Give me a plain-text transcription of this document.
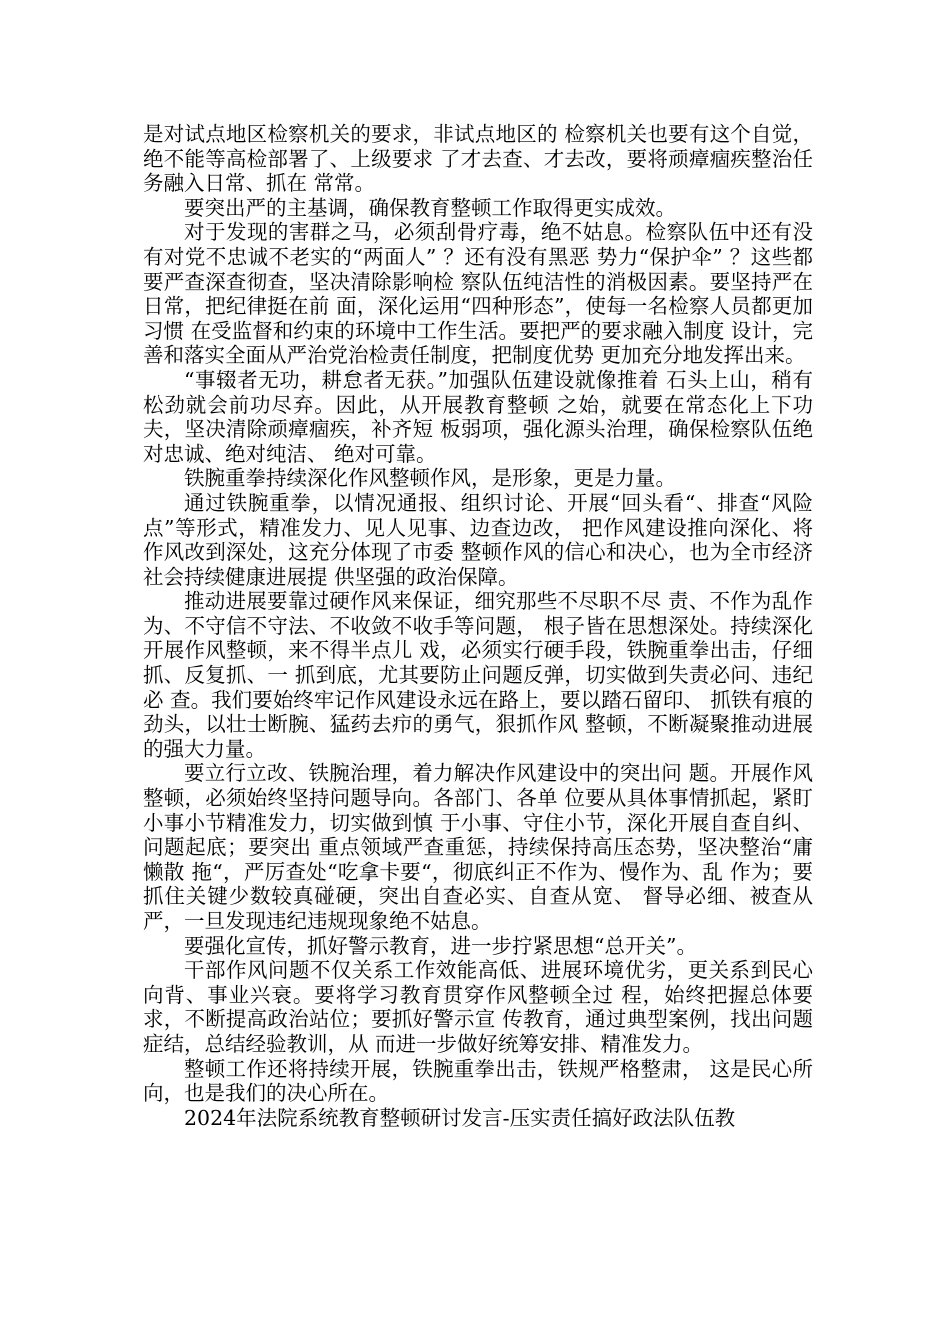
是对试点地区检察机关的要求，非试点地区的 检察机关也要有这个自觉，绝不能等高检部署了、上级要求 了才去查、才去改，要将顽瘴痼疾整治任务融入日常、抓在 常常。

要突出严的主基调，确保教育整顿工作取得更实成效。

对于发现的害群之马，必须刮骨疗毒，绝不姑息。检察队伍中还有没有对党不忠诚不老实的“两面人” ？还有没有黑恶 势力“保护伞” ？这些都要严查深查彻查，坚决清除影响检 察队伍纯洁性的消极因素。要坚持严在日常，把纪律挺在前 面，深化运用“四种形态”，使每一名检察人员都更加习惯 在受监督和约束的环境中工作生活。要把严的要求融入制度 设计，完善和落实全面从严治党治检责任制度，把制度优势 更加充分地发挥出来。

“事辍者无功，耕怠者无获。”加强队伍建设就像推着 石头上山，稍有松劲就会前功尽弃。因此，从开展教育整顿 之始，就要在常态化上下功夫，坚决清除顽瘴痼疾，补齐短 板弱项，强化源头治理，确保检察队伍绝对忠诚、绝对纯洁、 绝对可靠。

铁腕重拳持续深化作风整顿作风，是形象，更是力量。

通过铁腕重拳，以情况通报、组织讨论、开展“回头看“、排查“风险点”等形式，精准发力、见人见事、边查边改， 把作风建设推向深化、将作风改到深处，这充分体现了市委 整顿作风的信心和决心，也为全市经济社会持续健康进展提 供坚强的政治保障。

推动进展要靠过硬作风来保证，细究那些不尽职不尽 责、不作为乱作为、不守信不守法、不收敛不收手等问题， 根子皆在思想深处。持续深化开展作风整顿，来不得半点儿 戏，必须实行硬手段，铁腕重拳出击，仔细抓、反复抓、一 抓到底，尤其要防止问题反弹，切实做到失责必问、违纪必 查。我们要始终牢记作风建设永远在路上，要以踏石留印、 抓铁有痕的劲头，以壮士断腕、猛药去疖的勇气，狠抓作风 整顿，不断凝聚推动进展的强大力量。

要立行立改、铁腕治理，着力解决作风建设中的突出问 题。开展作风整顿，必须始终坚持问题导向。各部门、各单 位要从具体事情抓起，紧盯小事小节精准发力，切实做到慎 于小事、守住小节，深化开展自查自纠、问题起底；要突出 重点领域严查重惩，持续保持高压态势，坚决整治“庸懒散 拖“，严厉查处“吃拿卡要“，彻底纠正不作为、慢作为、乱 作为；要抓住关键少数较真碰硬，突出自查必实、自查从宽、 督导必细、被查从严，一旦发现违纪违规现象绝不姑息。

要强化宣传，抓好警示教育，进一步拧紧思想“总开关”。

干部作风问题不仅关系工作效能高低、进展环境优劣，更关系到民心向背、事业兴衰。要将学习教育贯穿作风整顿全过 程，始终把握总体要求，不断提高政治站位；要抓好警示宣 传教育，通过典型案例，找出问题症结，总结经验教训，从 而进一步做好统筹安排、精准发力。

整顿工作还将持续开展，铁腕重拳出击，铁规严格整肃， 这是民心所向，也是我们的决心所在。

2024年法院系统教育整顿研讨发言-压实责任搞好政法队伍教
